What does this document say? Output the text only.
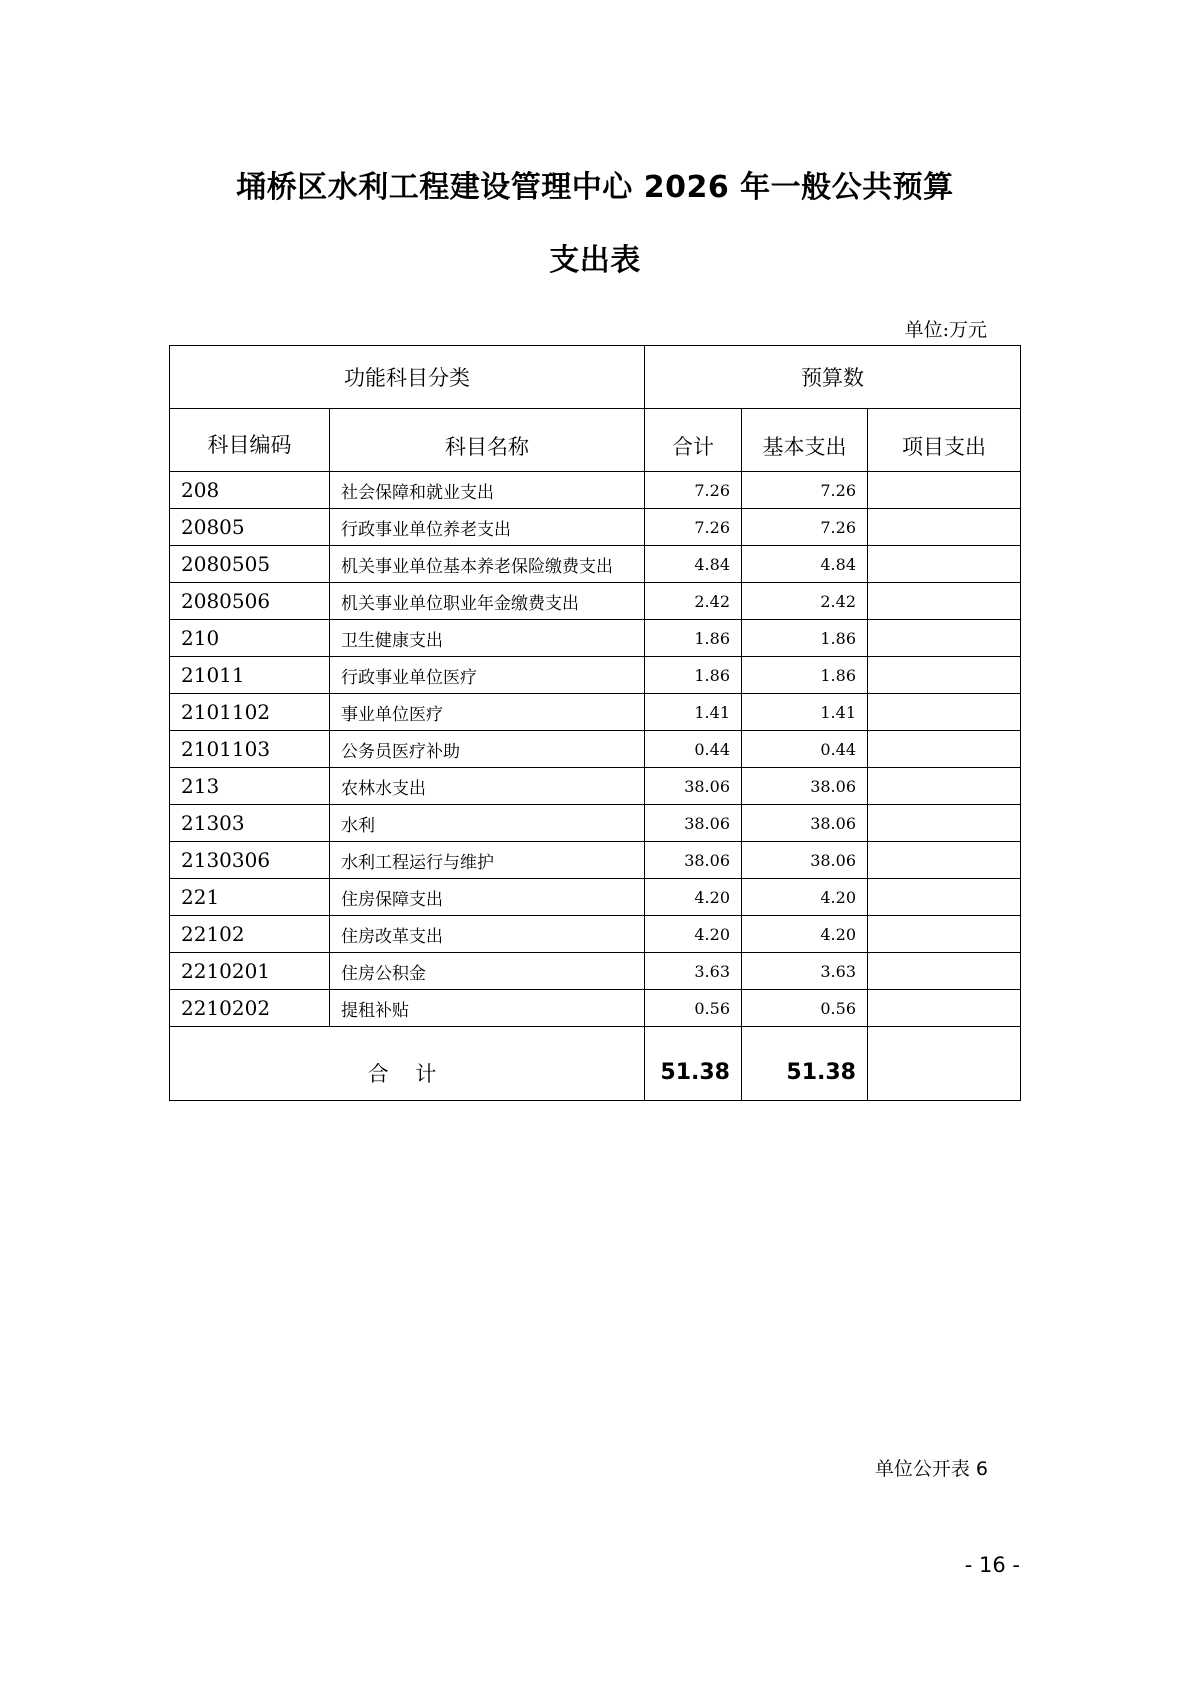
埇桥区水利工程建设管理中心 2026 年一般公共预算
支出表
单位:万元
功能科目分类		预算数		

科目编码	科目名称	合计	基本支出	项目支出

208	社会保障和就业支出	7.26	7.26	
20805	行政事业单位养老支出	7.26	7.26	
2080505	机关事业单位基本养老保险缴费支出	4.84	4.84	
2080506	机关事业单位职业年金缴费支出	2.42	2.42	
210	卫生健康支出	1.86	1.86	
21011	行政事业单位医疗	1.86	1.86	
2101102	事业单位医疗	1.41	1.41	
2101103	公务员医疗补助	0.44	0.44	
213	农林水支出	38.06	38.06	
21303	水利	38.06	38.06	
2130306	水利工程运行与维护	38.06	38.06	
221	住房保障支出	4.20	4.20	
22102	住房改革支出	4.20	4.20	
2210201	住房公积金	3.63	3.63	
2210202	提租补贴	0.56	0.56	
合 计		51.38	51.38	
单位公开表 6
- 16 -
